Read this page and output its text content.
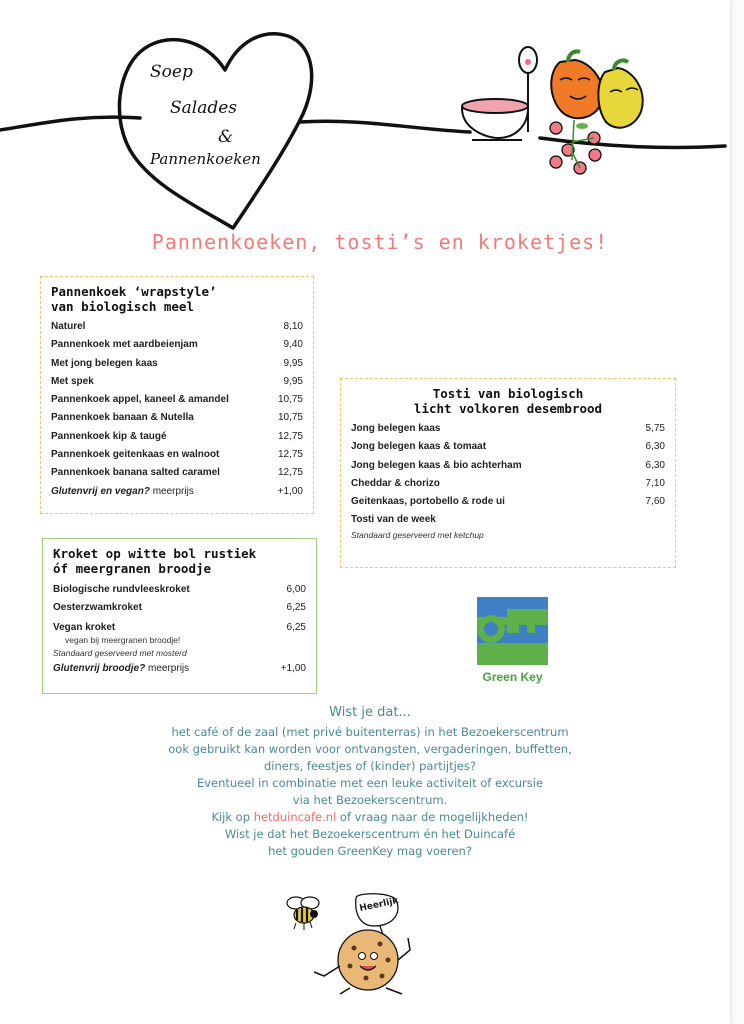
Soep
Salades
&
Pannenkoeken
Pannenkoeken, tosti’s en kroketjes!
Pannenkoek ‘wrapstyle’
van biologisch meel
Naturel	8,10
Pannenkoek met aardbeienjam	9,40
Met jong belegen kaas	9,95
Met spek	9,95
Pannenkoek appel, kaneel & amandel	10,75
Pannenkoek banaan & Nutella	10,75
Pannenkoek kip & taugé	12,75
Pannenkoek geitenkaas en walnoot	12,75
Pannenkoek banana salted caramel	12,75
Glutenvrij en vegan? meerprijs	+1,00
Tosti van biologisch
licht volkoren desembrood
Jong belegen kaas	5,75
Jong belegen kaas & tomaat	6,30
Jong belegen kaas & bio achterham	6,30
Cheddar & chorizo	7,10
Geitenkaas, portobello & rode ui	7,60
Tosti van de week
Standaard geserveerd met ketchup
Kroket op witte bol rustiek
óf meergranen broodje
Biologische rundvleeskroket	6,00
Oesterzwamkroket	6,25
Vegan kroket	6,25
vegan bij meergranen broodje!
Standaard geserveerd met mosterd
Glutenvrij broodje? meerprijs	+1,00
Green Key
Wist je dat...
het café of de zaal (met privé buitenterras) in het Bezoekerscentrum
ook gebruikt kan worden voor ontvangsten, vergaderingen, buffetten,
diners, feestjes of (kinder) partijtjes?
Eventueel in combinatie met een leuke activiteit of excursie
via het Bezoekerscentrum.
Kijk op hetduincafe.nl of vraag naar de mogelijkheden!
Wist je dat het Bezoekerscentrum én het Duincafé
het gouden GreenKey mag voeren?
Heerlijk
